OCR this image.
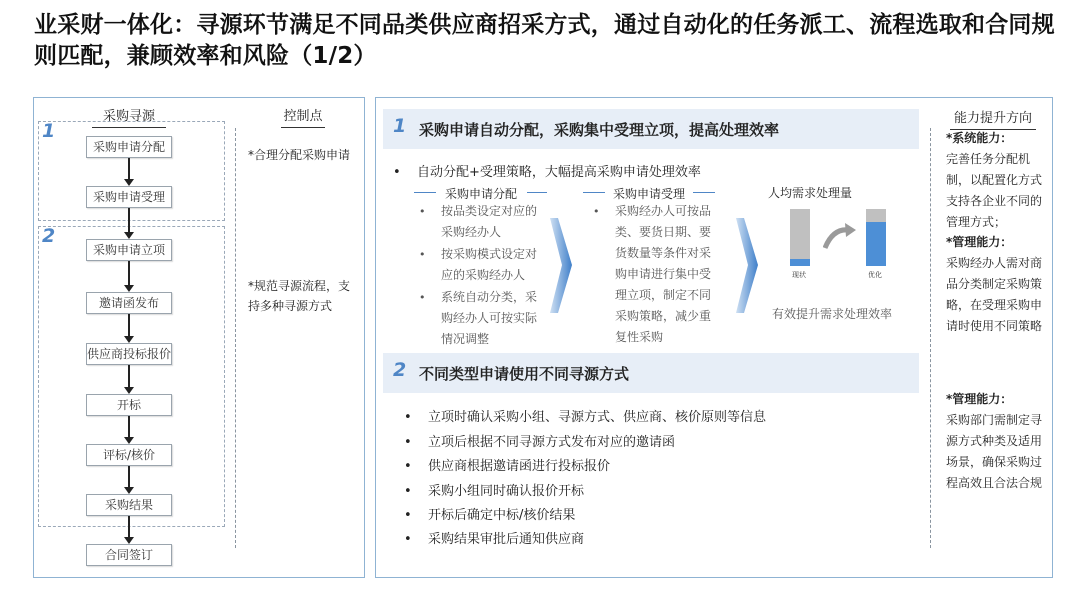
业采财一体化：寻源环节满足不同品类供应商招采方式，通过自动化的任务派工、流程选取和合同规则匹配，兼顾效率和风险（1/2）
采购寻源	控制点
1
2
采购申请分配
采购申请受理
采购申请立项
邀请函发布
供应商投标报价
开标
评标/核价
采购结果
合同签订
*合理分配采购申请
*规范寻源流程，支持多种寻源方式
1 采购申请自动分配，采购集中受理立项，提高处理效率
• 自动分配+受理策略，大幅提高采购申请处理效率
采购申请分配	采购申请受理
• 按品类设定对应的采购经办人
• 按采购模式设定对应的采购经办人
• 系统自动分类，采购经办人可按实际情况调整
• 采购经办人可按品类、要货日期、要货数量等条件对采购申请进行集中受理立项，制定不同采购策略，减少重复性采购
人均需求处理量
有效提升需求处理效率
2 不同类型申请使用不同寻源方式
• 立项时确认采购小组、寻源方式、供应商、核价原则等信息
• 立项后根据不同寻源方式发布对应的邀请函
• 供应商根据邀请函进行投标报价
• 采购小组同时确认报价开标
• 开标后确定中标/核价结果
• 采购结果审批后通知供应商
能力提升方向
*系统能力：
完善任务分配机制，以配置化方式支持各企业不同的管理方式；
*管理能力：
采购经办人需对商品分类制定采购策略，在受理采购申请时使用不同策略
*管理能力：
采购部门需制定寻源方式种类及适用场景，确保采购过程高效且合法合规
现状	优化
